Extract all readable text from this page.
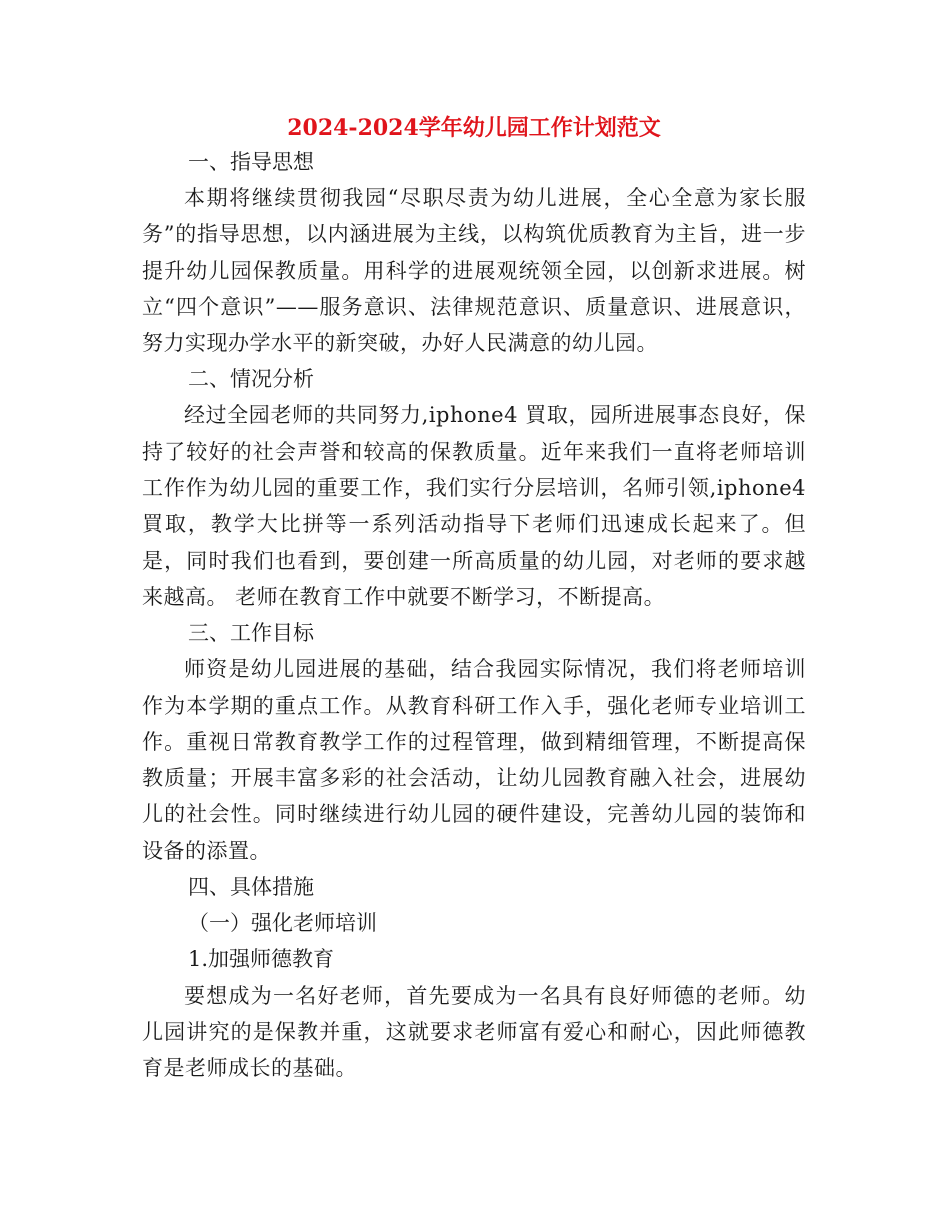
2024-2024学年幼儿园工作计划范文
一、指导思想

本期将继续贯彻我园“尽职尽责为幼儿进展，全心全意为家长服务”的指导思想，以内涵进展为主线，以构筑优质教育为主旨，进一步提升幼儿园保教质量。用科学的进展观统领全园，以创新求进展。树立“四个意识”——服务意识、法律规范意识、质量意识、进展意识，努力实现办学水平的新突破，办好人民满意的幼儿园。

二、情况分析

经过全园老师的共同努力,iphone4 買取，园所进展事态良好，保持了较好的社会声誉和较高的保教质量。近年来我们一直将老师培训工作作为幼儿园的重要工作，我们实行分层培训，名师引领,iphone4 買取，教学大比拼等一系列活动指导下老师们迅速成长起来了。但是，同时我们也看到，要创建一所高质量的幼儿园，对老师的要求越来越高。 老师在教育工作中就要不断学习，不断提高。

三、工作目标

师资是幼儿园进展的基础，结合我园实际情况，我们将老师培训作为本学期的重点工作。从教育科研工作入手，强化老师专业培训工作。重视日常教育教学工作的过程管理，做到精细管理，不断提高保教质量；开展丰富多彩的社会活动，让幼儿园教育融入社会，进展幼儿的社会性。同时继续进行幼儿园的硬件建设，完善幼儿园的装饰和设备的添置。

四、具体措施
（一）强化老师培训
1.加强师德教育

要想成为一名好老师，首先要成为一名具有良好师德的老师。幼儿园讲究的是保教并重，这就要求老师富有爱心和耐心，因此师德教育是老师成长的基础。
